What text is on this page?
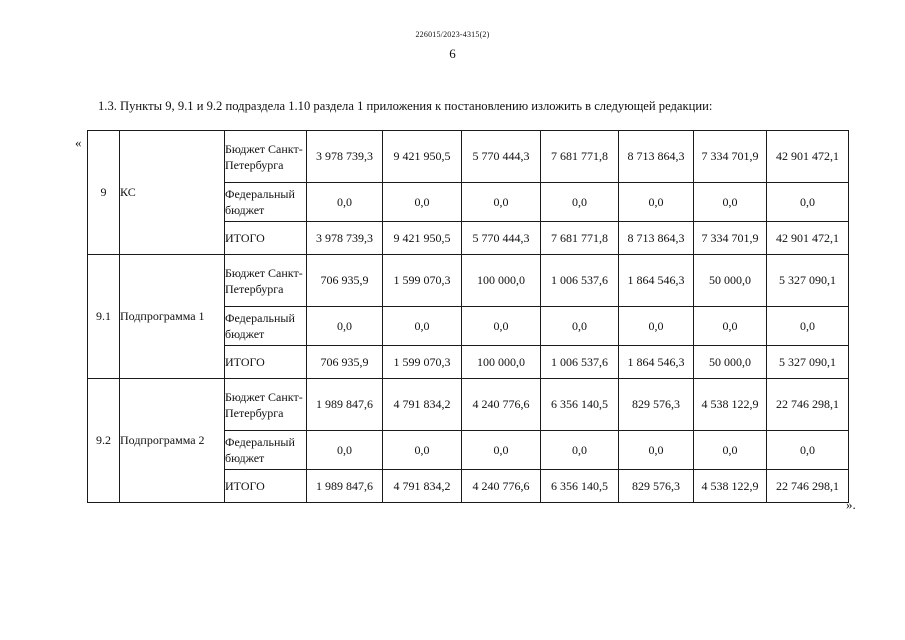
226015/2023-4315(2)
6
1.3. Пункты 9, 9.1 и 9.2 подраздела 1.10 раздела 1 приложения к постановлению изложить в следующей редакции:
«
».
9	КС	Бюджет Санкт-Петербурга	3 978 739,3	9 421 950,5	5 770 444,3	7 681 771,8	8 713 864,3	7 334 701,9	42 901 472,1
		Федеральный бюджет	0,0	0,0	0,0	0,0	0,0	0,0	0,0
		ИТОГО	3 978 739,3	9 421 950,5	5 770 444,3	7 681 771,8	8 713 864,3	7 334 701,9	42 901 472,1
9.1	Подпрограмма 1	Бюджет Санкт-Петербурга	706 935,9	1 599 070,3	100 000,0	1 006 537,6	1 864 546,3	50 000,0	5 327 090,1
		Федеральный бюджет	0,0	0,0	0,0	0,0	0,0	0,0	0,0
		ИТОГО	706 935,9	1 599 070,3	100 000,0	1 006 537,6	1 864 546,3	50 000,0	5 327 090,1
9.2	Подпрограмма 2	Бюджет Санкт-Петербурга	1 989 847,6	4 791 834,2	4 240 776,6	6 356 140,5	829 576,3	4 538 122,9	22 746 298,1
		Федеральный бюджет	0,0	0,0	0,0	0,0	0,0	0,0	0,0
		ИТОГО	1 989 847,6	4 791 834,2	4 240 776,6	6 356 140,5	829 576,3	4 538 122,9	22 746 298,1
